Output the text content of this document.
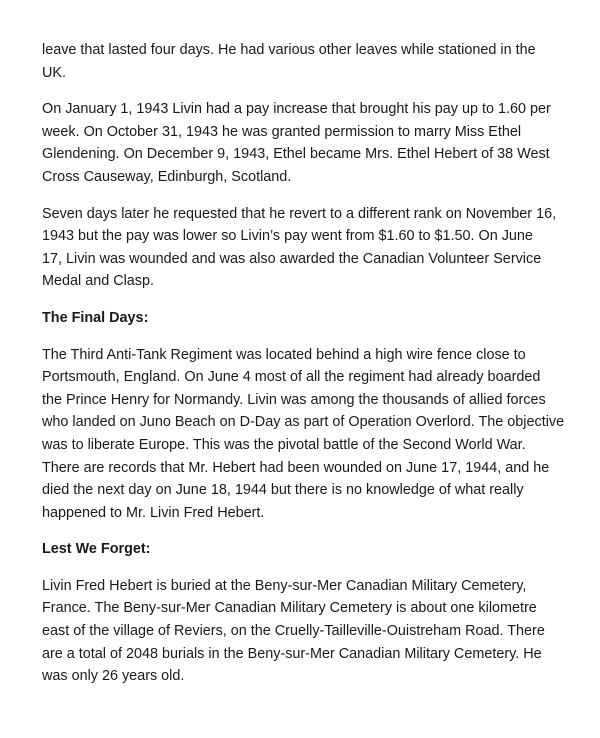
leave that lasted four days. He had various other leaves while stationed in the
UK.

On January 1, 1943 Livin had a pay increase that brought his pay up to 1.60 per
week. On October 31, 1943 he was granted permission to marry Miss Ethel
Glendening. On December 9, 1943, Ethel became Mrs. Ethel Hebert of 38 West
Cross Causeway, Edinburgh, Scotland.

Seven days later he requested that he revert to a different rank on November 16,
1943 but the pay was lower so Livin’s pay went from $1.60 to $1.50. On June
17, Livin was wounded and was also awarded the Canadian Volunteer Service
Medal and Clasp.

The Final Days:

The Third Anti-Tank Regiment was located behind a high wire fence close to
Portsmouth, England. On June 4 most of all the regiment had already boarded
the Prince Henry for Normandy. Livin was among the thousands of allied forces
who landed on Juno Beach on D-Day as part of Operation Overlord. The objective
was to liberate Europe. This was the pivotal battle of the Second World War.
There are records that Mr. Hebert had been wounded on June 17, 1944, and he
died the next day on June 18, 1944 but there is no knowledge of what really
happened to Mr. Livin Fred Hebert.

Lest We Forget:

Livin Fred Hebert is buried at the Beny-sur-Mer Canadian Military Cemetery,
France. The Beny-sur-Mer Canadian Military Cemetery is about one kilometre
east of the village of Reviers, on the Cruelly-Tailleville-Ouistreham Road. There
are a total of 2048 burials in the Beny-sur-Mer Canadian Military Cemetery. He
was only 26 years old.
